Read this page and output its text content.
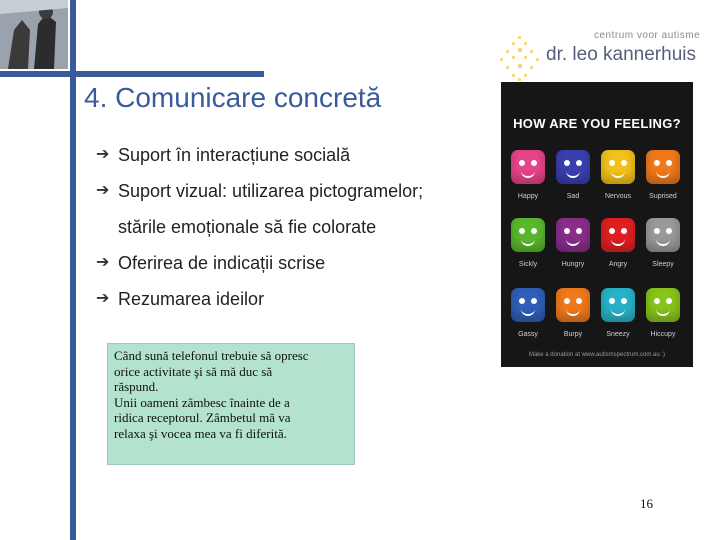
centrum voor autisme
dr. leo kannerhuis
4. Comunicare concretă
➔ Suport în interacțiune socială
➔ Suport vizual: utilizarea pictogramelor;
stările emoționale să fie colorate
➔ Oferirea de indicații scrise
➔ Rezumarea ideilor
Când sună telefonul trebuie să opresc
orice activitate şi să mă duc să
răspund.
Unii oameni zâmbesc înainte de a
ridica receptorul. Zâmbetul mă va
relaxa şi vocea mea va fi diferită.
HOW ARE YOU FEELING?
Make a donation at www.autismspectrum.com.au :)
Happy	Sad	Nervous	Suprised
Sickly	Hungry	Angry	Sleepy
Gassy	Burpy	Sneezy	Hiccupy
16
